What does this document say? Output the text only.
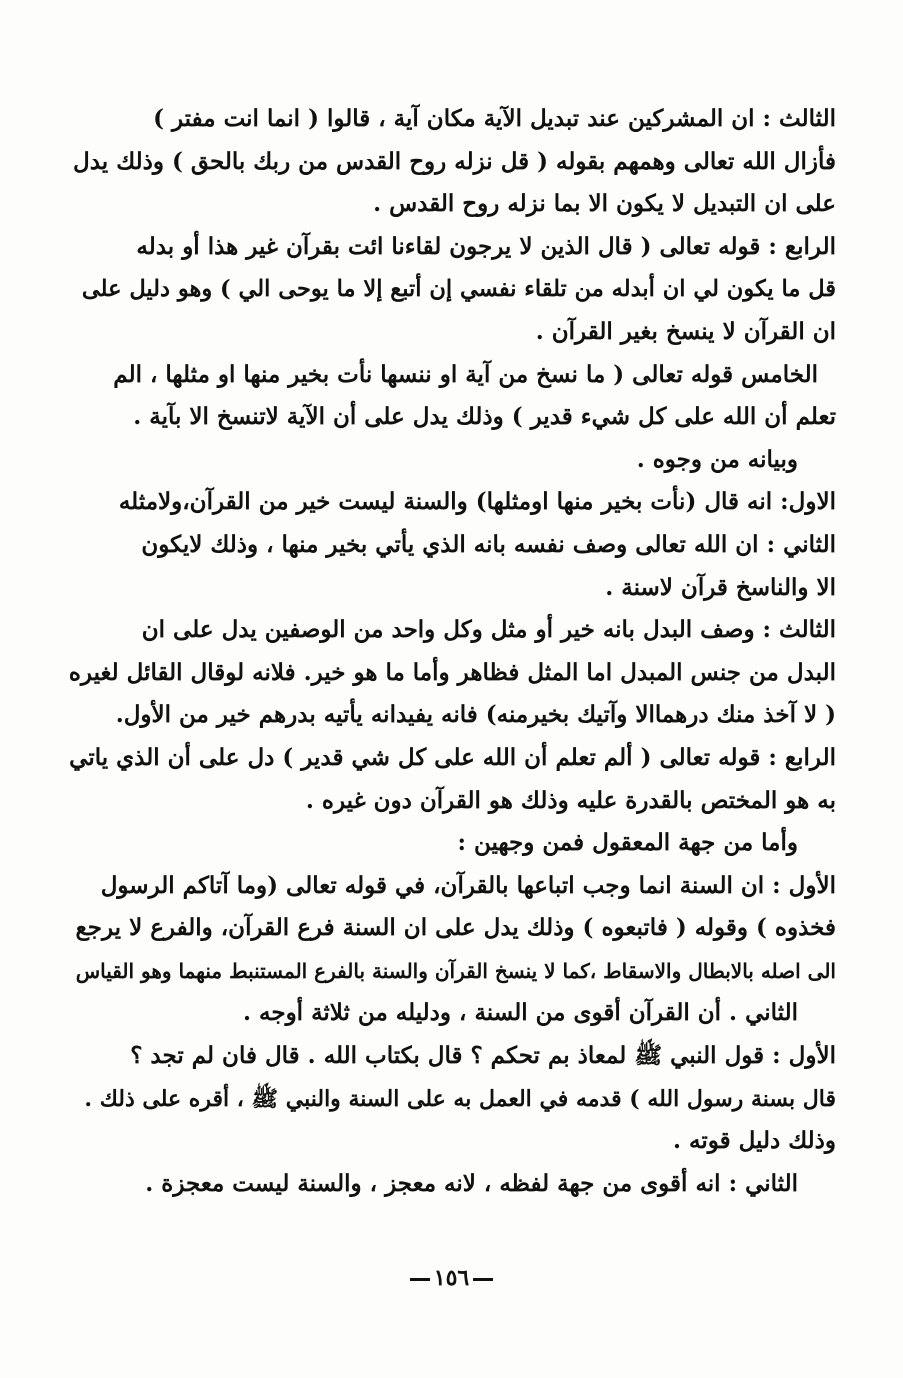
الثالث : ان المشركين عند تبديل الآية مكان آية ، قالوا ( انما انت مفتر )
فأزال الله تعالى وهمهم بقوله ( قل نزله روح القدس من ربك بالحق ) وذلك يدل
على ان التبديل لا يكون الا بما نزله روح القدس .
الرابع : قوله تعالى ( قال الذين لا يرجون لقاءنا ائت بقرآن غير هذا أو بدله
قل ما يكون لي ان أبدله من تلقاء نفسي إن أتبع إلا ما يوحى الي ) وهو دليل على
ان القرآن لا ينسخ بغير القرآن .
الخامس قوله تعالى ( ما نسخ من آية او ننسها نأت بخير منها او مثلها ، الم
تعلم أن الله على كل شيء قدير ) وذلك يدل على أن الآية لاتنسخ الا بآية .
وبيانه من وجوه .
الاول: انه قال (نأت بخير منها اومثلها) والسنة ليست خير من القرآن،ولامثله
الثاني : ان الله تعالى وصف نفسه بانه الذي يأتي بخير منها ، وذلك لايكون
الا والناسخ قرآن لاسنة .
الثالث : وصف البدل بانه خير أو مثل وكل واحد من الوصفين يدل على ان
البدل من جنس المبدل اما المثل فظاهر وأما ما هو خير. فلانه لوقال القائل لغيره
( لا آخذ منك درهماالا وآتيك بخيرمنه) فانه يفيدانه يأتيه بدرهم خير من الأول.
الرابع : قوله تعالى ( ألم تعلم أن الله على كل شي قدير ) دل على أن الذي ياتي
به هو المختص بالقدرة عليه وذلك هو القرآن دون غيره .
وأما من جهة المعقول فمن وجهين :
الأول : ان السنة انما وجب اتباعها بالقرآن، في قوله تعالى (وما آتاكم الرسول
فخذوه ) وقوله ( فاتبعوه ) وذلك يدل على ان السنة فرع القرآن، والفرع لا يرجع
الى اصله بالابطال والاسقاط ،كما لا ينسخ القرآن والسنة بالفرع المستنبط منهما وهو القياس
الثاني . أن القرآن أقوى من السنة ، ودليله من ثلاثة أوجه .
الأول : قول النبي ﷺ لمعاذ بم تحكم ؟ قال بكتاب الله . قال فان لم تجد ؟
قال بسنة رسول الله ) قدمه في العمل به على السنة والنبي ﷺ ، أقره على ذلك .
وذلك دليل قوته .
الثاني : انه أقوى من جهة لفظه ، لانه معجز ، والسنة ليست معجزة .
١٥٦
